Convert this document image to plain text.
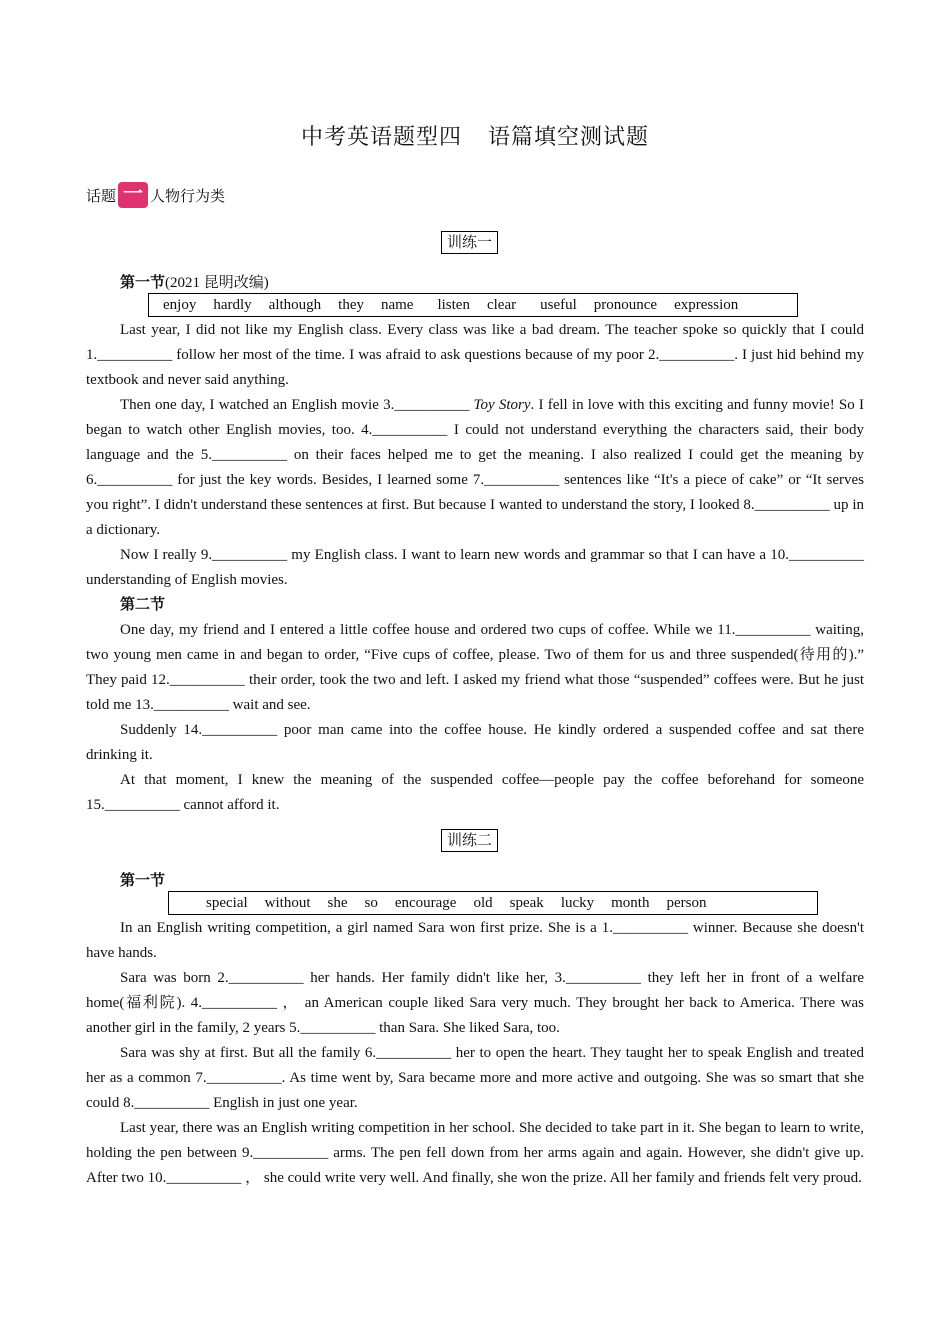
中考英语题型四 语篇填空测试题
话题 一 人物行为类
训练一
第一节(2021 昆明改编)
enjoy hardly although they name listen clear useful pronounce expression

Last year, I did not like my English class. Every class was like a bad dream. The teacher spoke so quickly that I could 1.__________ follow her most of the time. I was afraid to ask questions because of my poor 2.__________. I just hid behind my textbook and never said anything.

Then one day, I watched an English movie 3.__________ Toy Story. I fell in love with this exciting and funny movie! So I began to watch other English movies, too. 4.__________ I could not understand everything the characters said, their body language and the 5.__________ on their faces helped me to get the meaning. I also realized I could get the meaning by 6.__________ for just the key words. Besides, I learned some 7.__________ sentences like “It's a piece of cake” or “It serves you right”. I didn't understand these sentences at first. But because I wanted to understand the story, I looked 8.__________ up in a dictionary.

Now I really 9.__________ my English class. I want to learn new words and grammar so that I can have a 10.__________ understanding of English movies.

第二节

One day, my friend and I entered a little coffee house and ordered two cups of coffee. While we 11.__________ waiting, two young men came in and began to order, “Five cups of coffee, please. Two of them for us and three suspended(待用的).” They paid 12.__________ their order, took the two and left. I asked my friend what those “suspended” coffees were. But he just told me 13.__________ wait and see.

Suddenly 14.__________ poor man came into the coffee house. He kindly ordered a suspended coffee and sat there drinking it.

At that moment, I knew the meaning of the suspended coffee—people pay the coffee beforehand for someone 15.__________ cannot afford it.

训练二
第一节
special without she so encourage old speak lucky month person

In an English writing competition, a girl named Sara won first prize. She is a 1.__________ winner. Because she doesn't have hands.

Sara was born 2.__________ her hands. Her family didn't like her, 3.__________ they left her in front of a welfare home(福利院). 4.__________ ， an American couple liked Sara very much. They brought her back to America. There was another girl in the family, 2 years 5.__________ than Sara. She liked Sara, too.

Sara was shy at first. But all the family 6.__________ her to open the heart. They taught her to speak English and treated her as a common 7.__________. As time went by, Sara became more and more active and outgoing. She was so smart that she could 8.__________ English in just one year.

Last year, there was an English writing competition in her school. She decided to take part in it. She began to learn to write, holding the pen between 9.__________ arms. The pen fell down from her arms again and again. However, she didn't give up. After two 10.__________ ， she could write very well. And finally, she won the prize. All her family and friends felt very proud.
